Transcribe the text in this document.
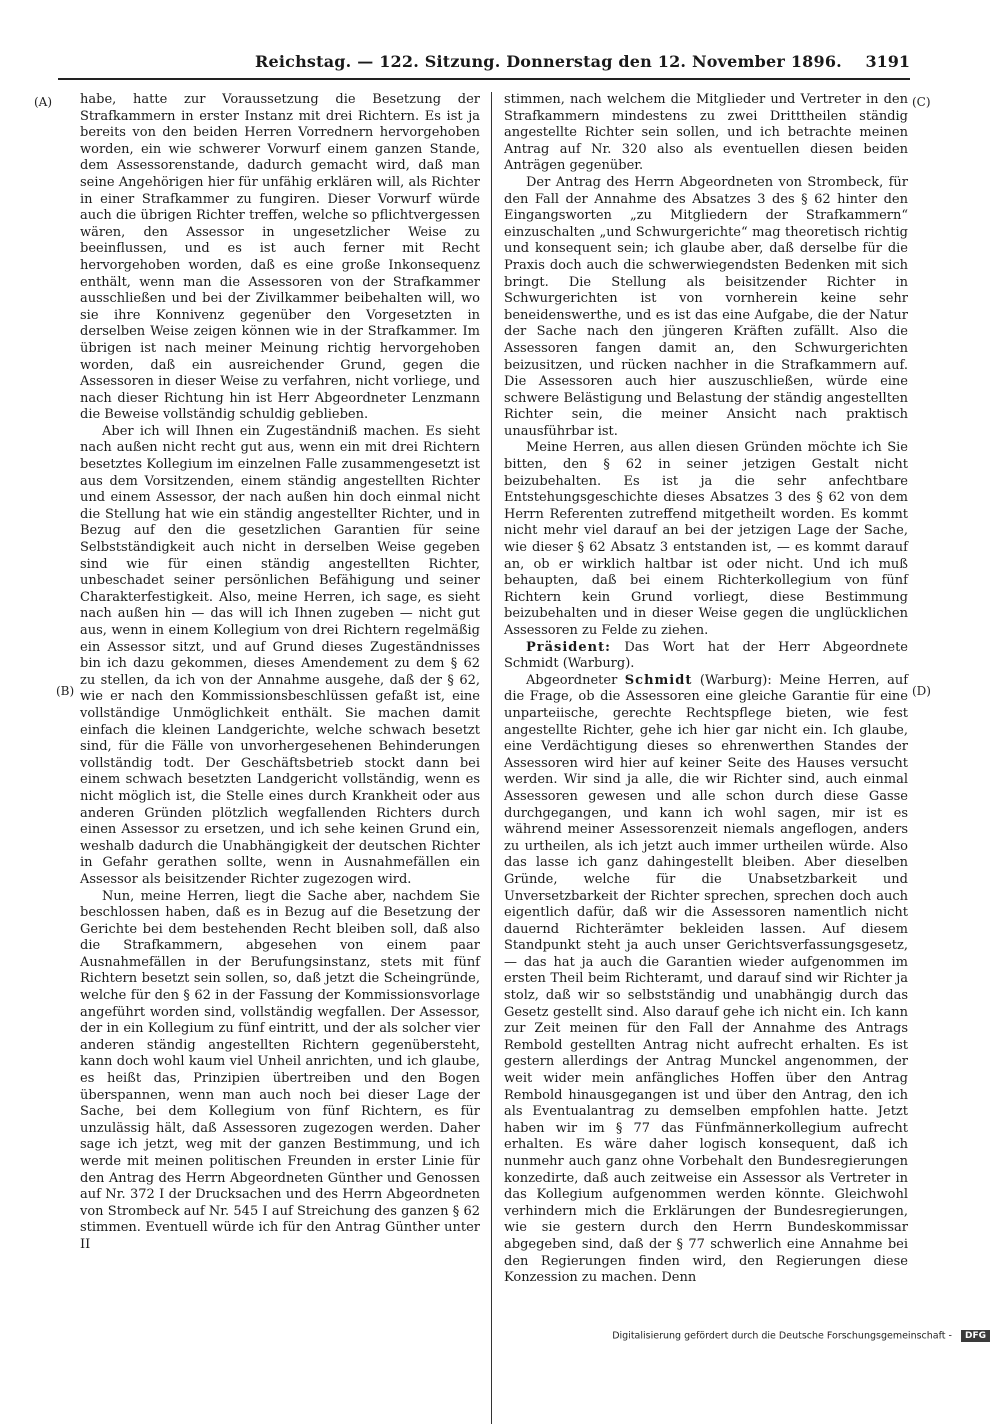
Reichstag. — 122. Sitzung. Donnerstag den 12. November 1896. 3191
(A)
(B)
(C)
(D)

habe, hatte zur Voraussetzung die Besetzung der Strafkammern in erster Instanz mit drei Richtern. Es ist ja bereits von den beiden Herren Vorrednern hervorgehoben worden, ein wie schwerer Vorwurf einem ganzen Stande, dem Assessorenstande, dadurch gemacht wird, daß man seine Angehörigen hier für unfähig erklären will, als Richter in einer Strafkammer zu fungiren. Dieser Vorwurf würde auch die übrigen Richter treffen, welche so pflichtvergessen wären, den Assessor in ungesetzlicher Weise zu beeinflussen, und es ist auch ferner mit Recht hervorgehoben worden, daß es eine große Inkonsequenz enthält, wenn man die Assessoren von der Strafkammer ausschließen und bei der Zivilkammer beibehalten will, wo sie ihre Konnivenz gegenüber den Vorgesetzten in derselben Weise zeigen können wie in der Strafkammer. Im übrigen ist nach meiner Meinung richtig hervorgehoben worden, daß ein ausreichender Grund, gegen die Assessoren in dieser Weise zu verfahren, nicht vorliege, und nach dieser Richtung hin ist Herr Abgeordneter Lenzmann die Beweise vollständig schuldig geblieben.

Aber ich will Ihnen ein Zugeständniß machen. Es sieht nach außen nicht recht gut aus, wenn ein mit drei Richtern besetztes Kollegium im einzelnen Falle zusammengesetzt ist aus dem Vorsitzenden, einem ständig angestellten Richter und einem Assessor, der nach außen hin doch einmal nicht die Stellung hat wie ein ständig angestellter Richter, und in Bezug auf den die gesetzlichen Garantien für seine Selbstständigkeit auch nicht in derselben Weise gegeben sind wie für einen ständig angestellten Richter, unbeschadet seiner persönlichen Befähigung und seiner Charakterfestigkeit. Also, meine Herren, ich sage, es sieht nach außen hin — das will ich Ihnen zugeben — nicht gut aus, wenn in einem Kollegium von drei Richtern regelmäßig ein Assessor sitzt, und auf Grund dieses Zugeständnisses bin ich dazu gekommen, dieses Amendement zu dem § 62 zu stellen, da ich von der Annahme ausgehe, daß der § 62, wie er nach den Kommissionsbeschlüssen gefaßt ist, eine vollständige Unmöglichkeit enthält. Sie machen damit einfach die kleinen Landgerichte, welche schwach besetzt sind, für die Fälle von unvorhergesehenen Behinderungen vollständig todt. Der Geschäftsbetrieb stockt dann bei einem schwach besetzten Landgericht vollständig, wenn es nicht möglich ist, die Stelle eines durch Krankheit oder aus anderen Gründen plötzlich wegfallenden Richters durch einen Assessor zu ersetzen, und ich sehe keinen Grund ein, weshalb dadurch die Unabhängigkeit der deutschen Richter in Gefahr gerathen sollte, wenn in Ausnahmefällen ein Assessor als beisitzender Richter zugezogen wird.

Nun, meine Herren, liegt die Sache aber, nachdem Sie beschlossen haben, daß es in Bezug auf die Besetzung der Gerichte bei dem bestehenden Recht bleiben soll, daß also die Strafkammern, abgesehen von einem paar Ausnahmefällen in der Berufungsinstanz, stets mit fünf Richtern besetzt sein sollen, so, daß jetzt die Scheingründe, welche für den § 62 in der Fassung der Kommissionsvorlage angeführt worden sind, vollständig wegfallen. Der Assessor, der in ein Kollegium zu fünf eintritt, und der als solcher vier anderen ständig angestellten Richtern gegenübersteht, kann doch wohl kaum viel Unheil anrichten, und ich glaube, es heißt das, Prinzipien übertreiben und den Bogen überspannen, wenn man auch noch bei dieser Lage der Sache, bei dem Kollegium von fünf Richtern, es für unzulässig hält, daß Assessoren zugezogen werden. Daher sage ich jetzt, weg mit der ganzen Bestimmung, und ich werde mit meinen politischen Freunden in erster Linie für den Antrag des Herrn Abgeordneten Günther und Genossen auf Nr. 372 I der Drucksachen und des Herrn Abgeordneten von Strombeck auf Nr. 545 I auf Streichung des ganzen § 62 stimmen. Eventuell würde ich für den Antrag Günther unter II

stimmen, nach welchem die Mitglieder und Vertreter in den Strafkammern mindestens zu zwei Dritttheilen ständig angestellte Richter sein sollen, und ich betrachte meinen Antrag auf Nr. 320 also als eventuellen diesen beiden Anträgen gegenüber.

Der Antrag des Herrn Abgeordneten von Strombeck, für den Fall der Annahme des Absatzes 3 des § 62 hinter den Eingangsworten „zu Mitgliedern der Strafkammern“ einzuschalten „und Schwurgerichte“ mag theoretisch richtig und konsequent sein; ich glaube aber, daß derselbe für die Praxis doch auch die schwerwiegendsten Bedenken mit sich bringt. Die Stellung als beisitzender Richter in Schwurgerichten ist von vornherein keine sehr beneidenswerthe, und es ist das eine Aufgabe, die der Natur der Sache nach den jüngeren Kräften zufällt. Also die Assessoren fangen damit an, den Schwurgerichten beizusitzen, und rücken nachher in die Strafkammern auf. Die Assessoren auch hier auszuschließen, würde eine schwere Belästigung und Belastung der ständig angestellten Richter sein, die meiner Ansicht nach praktisch unausführbar ist.

Meine Herren, aus allen diesen Gründen möchte ich Sie bitten, den § 62 in seiner jetzigen Gestalt nicht beizubehalten. Es ist ja die sehr anfechtbare Entstehungsgeschichte dieses Absatzes 3 des § 62 von dem Herrn Referenten zutreffend mitgetheilt worden. Es kommt nicht mehr viel darauf an bei der jetzigen Lage der Sache, wie dieser § 62 Absatz 3 entstanden ist, — es kommt darauf an, ob er wirklich haltbar ist oder nicht. Und ich muß behaupten, daß bei einem Richterkollegium von fünf Richtern kein Grund vorliegt, diese Bestimmung beizubehalten und in dieser Weise gegen die unglücklichen Assessoren zu Felde zu ziehen.

Präsident: Das Wort hat der Herr Abgeordnete Schmidt (Warburg).

Abgeordneter Schmidt (Warburg): Meine Herren, auf die Frage, ob die Assessoren eine gleiche Garantie für eine unparteiische, gerechte Rechtspflege bieten, wie fest angestellte Richter, gehe ich hier gar nicht ein. Ich glaube, eine Verdächtigung dieses so ehrenwerthen Standes der Assessoren wird hier auf keiner Seite des Hauses versucht werden. Wir sind ja alle, die wir Richter sind, auch einmal Assessoren gewesen und alle schon durch diese Gasse durchgegangen, und kann ich wohl sagen, mir ist es während meiner Assessorenzeit niemals angeflogen, anders zu urtheilen, als ich jetzt auch immer urtheilen würde. Also das lasse ich ganz dahingestellt bleiben. Aber dieselben Gründe, welche für die Unabsetzbarkeit und Unversetzbarkeit der Richter sprechen, sprechen doch auch eigentlich dafür, daß wir die Assessoren namentlich nicht dauernd Richterämter bekleiden lassen. Auf diesem Standpunkt steht ja auch unser Gerichtsverfassungsgesetz, — das hat ja auch die Garantien wieder aufgenommen im ersten Theil beim Richteramt, und darauf sind wir Richter ja stolz, daß wir so selbstständig und unabhängig durch das Gesetz gestellt sind. Also darauf gehe ich nicht ein. Ich kann zur Zeit meinen für den Fall der Annahme des Antrags Rembold gestellten Antrag nicht aufrecht erhalten. Es ist gestern allerdings der Antrag Munckel angenommen, der weit wider mein anfängliches Hoffen über den Antrag Rembold hinausgegangen ist und über den Antrag, den ich als Eventualantrag zu demselben empfohlen hatte. Jetzt haben wir im § 77 das Fünfmännerkollegium aufrecht erhalten. Es wäre daher logisch konsequent, daß ich nunmehr auch ganz ohne Vorbehalt den Bundesregierungen konzedirte, daß auch zeitweise ein Assessor als Vertreter in das Kollegium aufgenommen werden könnte. Gleichwohl verhindern mich die Erklärungen der Bundesregierungen, wie sie gestern durch den Herrn Bundeskommissar abgegeben sind, daß der § 77 schwerlich eine Annahme bei den Regierungen finden wird, den Regierungen diese Konzession zu machen. Denn

Digitalisierung gefördert durch die Deutsche Forschungsgemeinschaft - DFG
